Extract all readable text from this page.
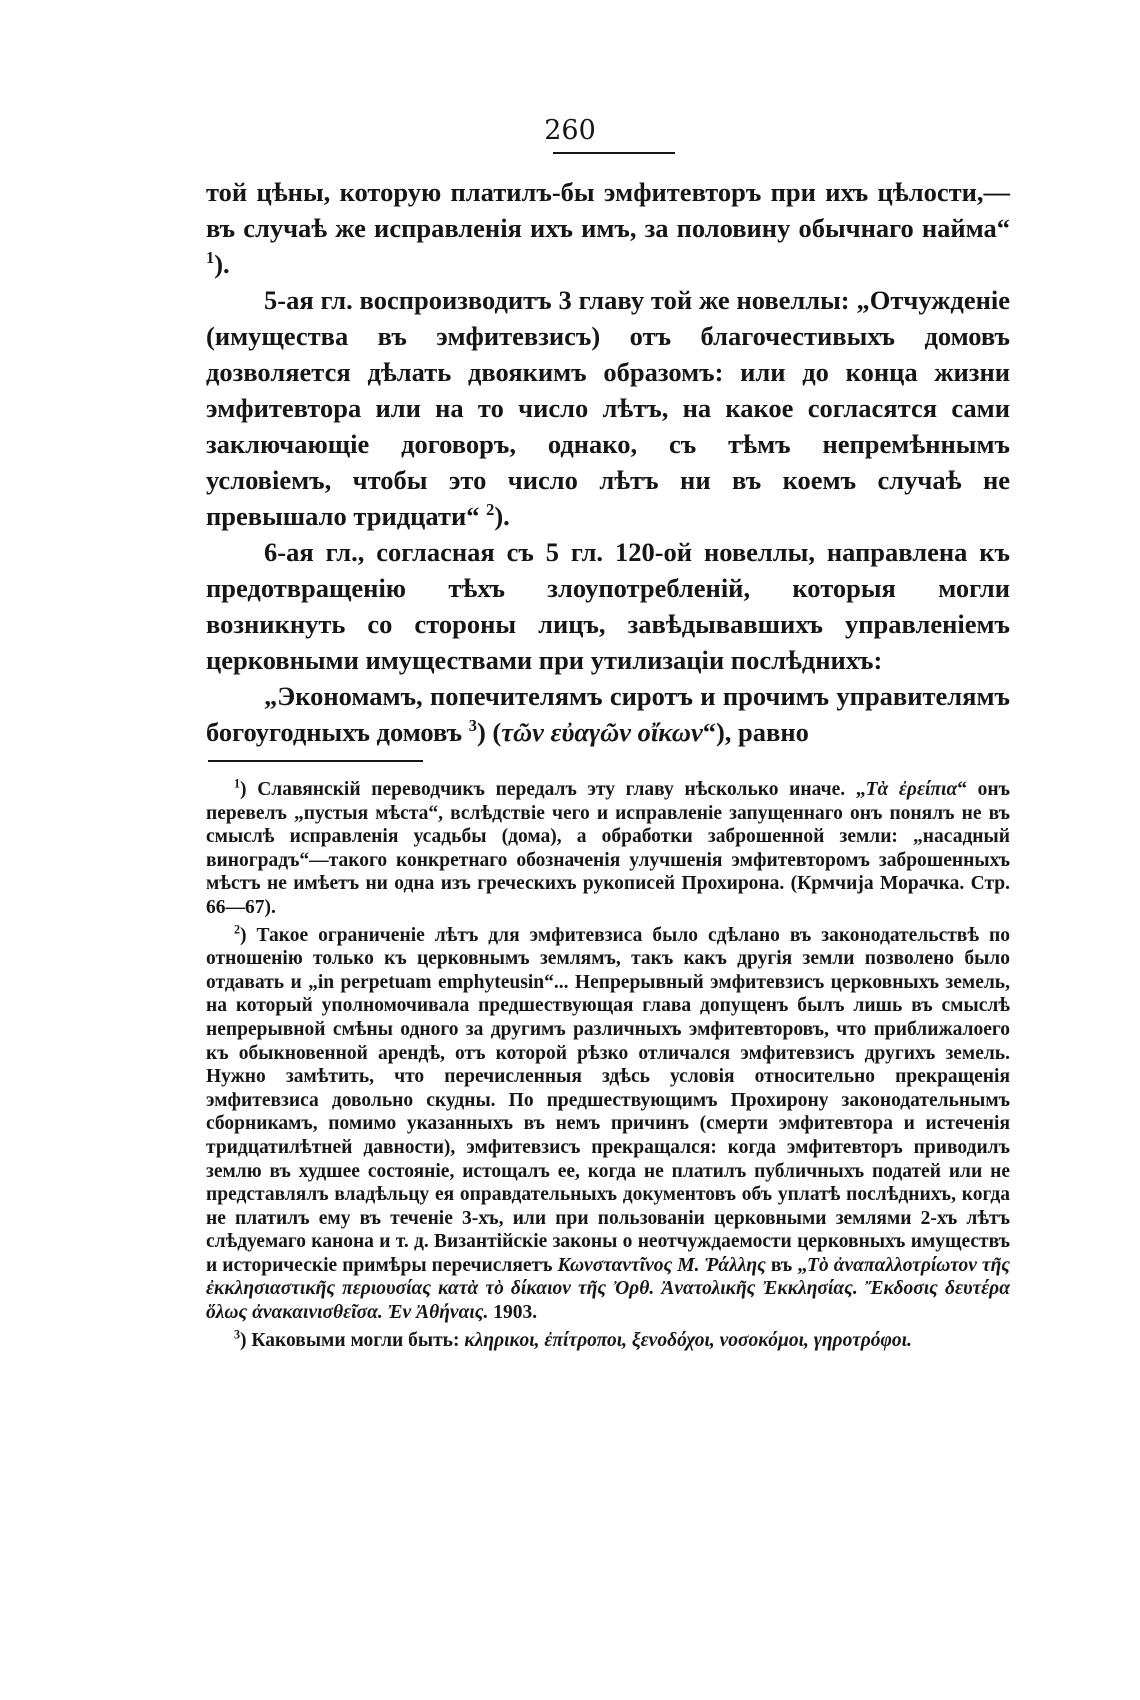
260

той цѣны, которую платилъ-бы эмфитевторъ при ихъ цѣлости,—въ случаѣ же исправленія ихъ имъ, за половину обычнаго найма“ $^1$).

5-ая гл. воспроизводитъ 3 главу той же новеллы: „Отчужденіе (имущества въ эмфитевзисъ) отъ благочестивыхъ домовъ дозволяется дѣлать двоякимъ образомъ: или до конца жизни эмфитевтора или на то число лѣтъ, на какое согласятся сами заключающіе договоръ, однако, съ тѣмъ непремѣннымъ условіемъ, чтобы это число лѣтъ ни въ коемъ случаѣ не превышало тридцати“ $^2$).

6-ая гл., согласная съ 5 гл. 120-ой новеллы, направлена къ предотвращенію тѣхъ злоупотребленій, которыя могли возникнуть со стороны лицъ, завѣдывавшихъ управленіемъ церковными имуществами при утилизаціи послѣднихъ:

„Экономамъ, попечителямъ сиротъ и прочимъ управителямъ богоугодныхъ домовъ $^3$) (τῶν εὐαγῶν οἴκων“), равно

$^1$) Славянскій переводчикъ передалъ эту главу нѣсколько иначе. „Τὰ ἐρείπια“ онъ перевелъ „пустыя мѣста“, вслѣдствіе чего и исправленіе запущеннаго онъ понялъ не въ смыслѣ исправленія усадьбы (дома), а обработки заброшенной земли: „насадный виноградъ“—такого конкретнаго обозначенія улучшенія эмфитевторомъ заброшенныхъ мѣстъ не имѣетъ ни одна изъ греческихъ рукописей Прохирона. (Крмчија Морачка. Стр. 66—67).

$^2$) Такое ограниченіе лѣтъ для эмфитевзиса было сдѣлано въ законодательствѣ по отношенію только къ церковнымъ землямъ, такъ какъ другія земли позволено было отдавать и „in perpetuam emphyteusin“... Непрерывный эмфитевзисъ церковныхъ земель, на который уполномочивала предшествующая глава допущенъ былъ лишь въ смыслѣ непрерывной смѣны одного за другимъ различныхъ эмфитевторовъ, что приближалоего къ обыкновенной арендѣ, отъ которой рѣзко отличался эмфитевзисъ другихъ земель. Нужно замѣтить, что перечисленныя здѣсь условія относительно прекращенія эмфитевзиса довольно скудны. По предшествующимъ Прохирону законодательнымъ сборникамъ, помимо указанныхъ въ немъ причинъ (смерти эмфитевтора и истеченія тридцатилѣтней давности), эмфитевзисъ прекращался: когда эмфитевторъ приводилъ землю въ худшее состояніе, истощалъ ее, когда не платилъ публичныхъ податей или не представлялъ владѣльцу ея оправдательныхъ документовъ объ уплатѣ послѣднихъ, когда не платилъ ему въ теченіе 3-хъ, или при пользованіи церковными землями 2-хъ лѣтъ слѣдуемаго канона и т. д. Византійскіе законы о неотчуждаемости церковныхъ имуществъ и историческіе примѣры перечисляетъ Κωνσταντῖνος Μ. Ῥάλλης въ „Τὸ ἀναπαλλοτρίωτον τῆς ἐκκλησιαστικῆς περιουσίας κατὰ τὸ δίκαιον τῆς Ὀρθ. Ἀνατολικῆς Ἐκκλησίας. Ἔκδοσις δευτέρα ὅλως ἀνακαινισθεῖσα. Ἐν Ἀθήναις. 1903.

$^3$) Каковыми могли быть: κληρικοι, ἐπίτροποι, ξενοδόχοι, νοσοκόμοι, γηροτρόφοι.
